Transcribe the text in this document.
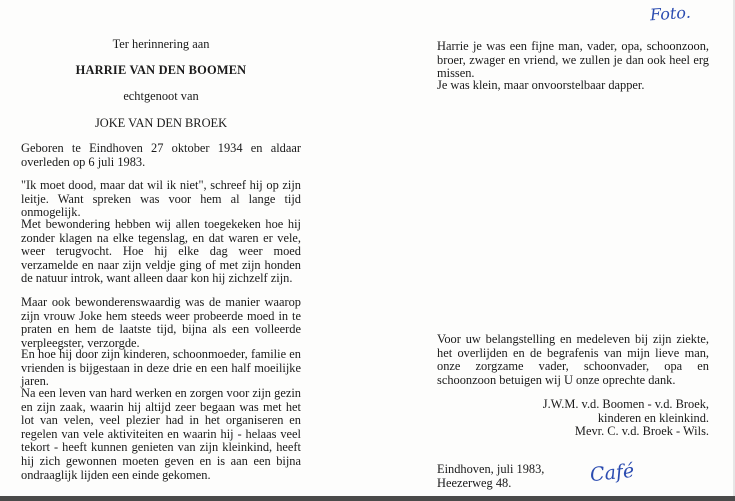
Ter herinnering aan

HARRIE VAN DEN BOOMEN

echtgenoot van

JOKE VAN DEN BROEK

Geboren te Eindhoven 27 oktober 1934 en aldaar overleden op 6 juli 1983.

"Ik moet dood, maar dat wil ik niet", schreef hij op zijn leitje. Want spreken was voor hem al lange tijd onmogelijk.

Met bewondering hebben wij allen toegekeken hoe hij zonder klagen na elke tegenslag, en dat waren er vele, weer terugvocht. Hoe hij elke dag weer moed verzamelde en naar zijn veldje ging of met zijn honden de natuur introk, want alleen daar kon hij zichzelf zijn.

Maar ook bewonderenswaardig was de manier waarop zijn vrouw Joke hem steeds weer probeerde moed in te praten en hem de laatste tijd, bijna als een volleerde verpleegster, verzorgde.

En hoe hij door zijn kinderen, schoonmoeder, familie en vrienden is bijgestaan in deze drie en een half moeilijke jaren.

Na een leven van hard werken en zorgen voor zijn gezin en zijn zaak, waarin hij altijd zeer begaan was met het lot van velen, veel plezier had in het organiseren en regelen van vele aktiviteiten en waarin hij - helaas veel tekort - heeft kunnen genieten van zijn kleinkind, heeft hij zich gewonnen moeten geven en is aan een bijna ondraaglijk lijden een einde gekomen.

Harrie je was een fijne man, vader, opa, schoonzoon, broer, zwager en vriend, we zullen je dan ook heel erg missen.

Je was klein, maar onvoorstelbaar dapper.

Voor uw belangstelling en medeleven bij zijn ziekte, het overlijden en de begrafenis van mijn lieve man, onze zorgzame vader, schoonvader, opa en schoonzoon betuigen wij U onze oprechte dank.

J.W.M. v.d. Boomen - v.d. Broek,

kinderen en kleinkind.

Mevr. C. v.d. Broek - Wils.

Eindhoven, juli 1983,

Heezerweg 48.

Foto.
Café
